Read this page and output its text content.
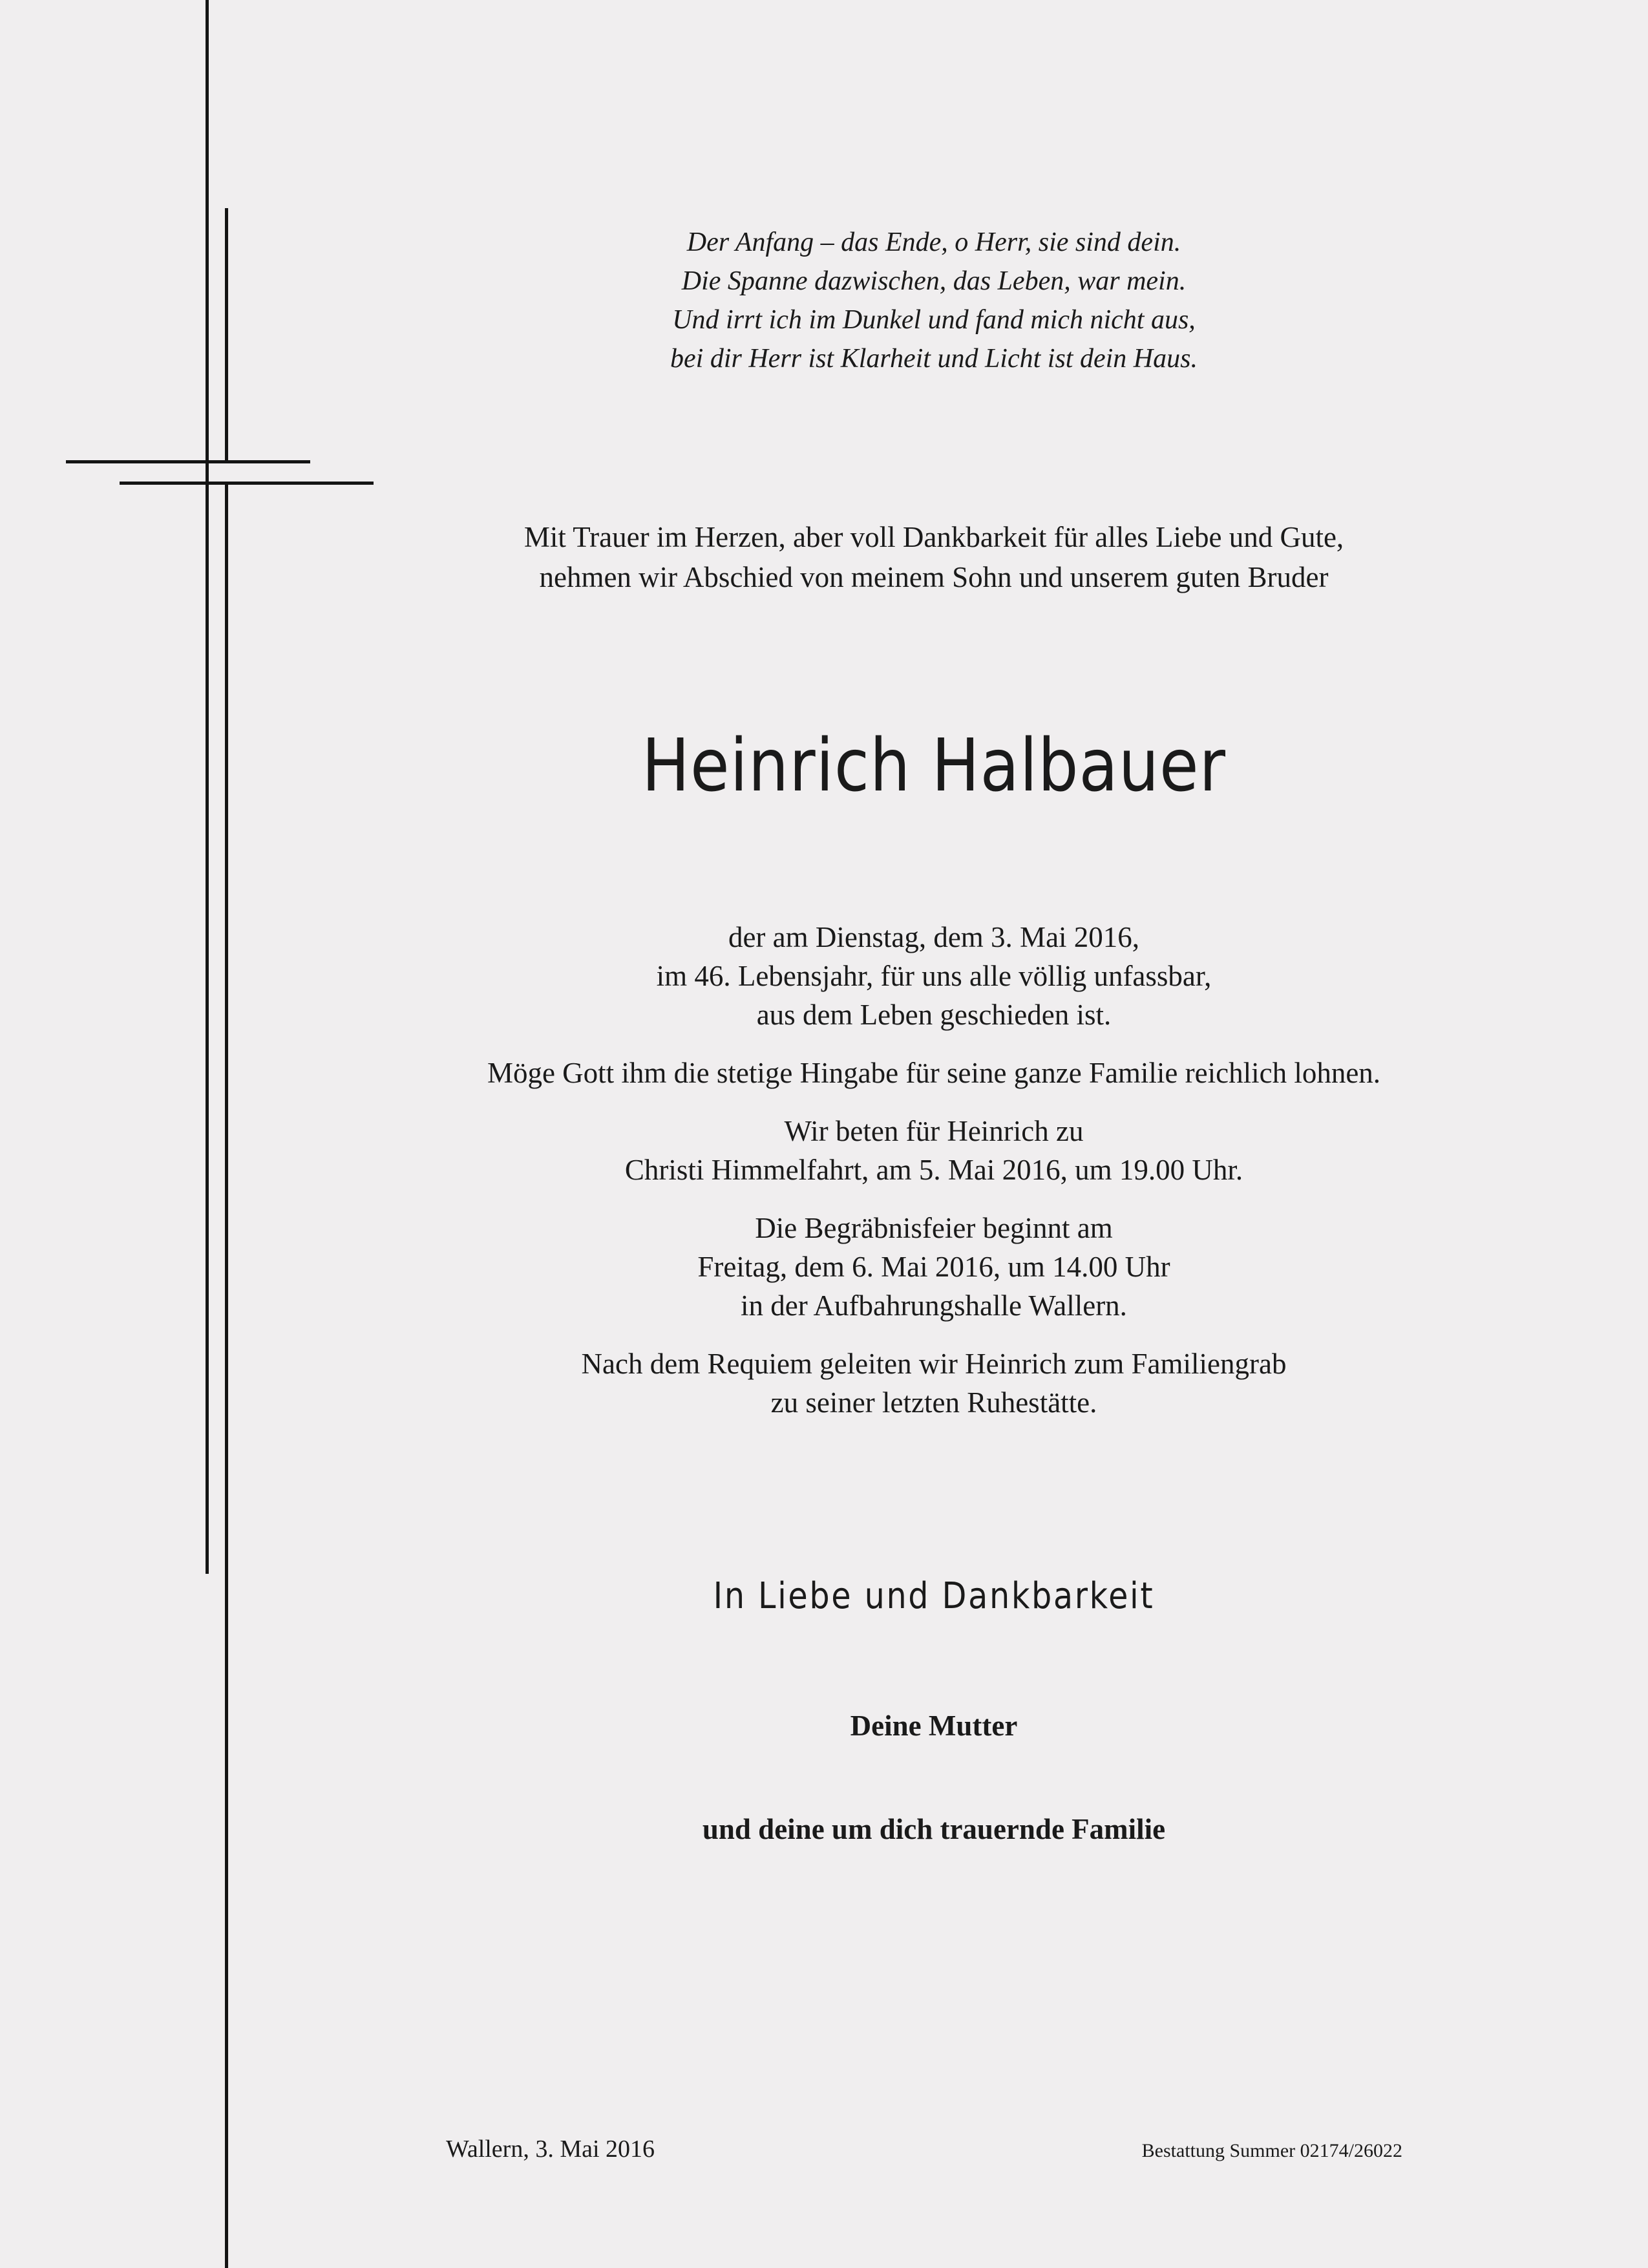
Der Anfang – das Ende, o Herr, sie sind dein.
Die Spanne dazwischen, das Leben, war mein.
Und irrt ich im Dunkel und fand mich nicht aus,
bei dir Herr ist Klarheit und Licht ist dein Haus.
Mit Trauer im Herzen, aber voll Dankbarkeit für alles Liebe und Gute,
nehmen wir Abschied von meinem Sohn und unserem guten Bruder
Heinrich Halbauer
der am Dienstag, dem 3. Mai 2016,
im 46. Lebensjahr, für uns alle völlig unfassbar,
aus dem Leben geschieden ist.
Möge Gott ihm die stetige Hingabe für seine ganze Familie reichlich lohnen.
Wir beten für Heinrich zu
Christi Himmelfahrt, am 5. Mai 2016, um 19.00 Uhr.
Die Begräbnisfeier beginnt am
Freitag, dem 6. Mai 2016, um 14.00 Uhr
in der Aufbahrungshalle Wallern.
Nach dem Requiem geleiten wir Heinrich zum Familiengrab
zu seiner letzten Ruhestätte.
In Liebe und Dankbarkeit
Deine Mutter
und deine um dich trauernde Familie
Wallern, 3. Mai 2016	Bestattung Summer 02174/26022
